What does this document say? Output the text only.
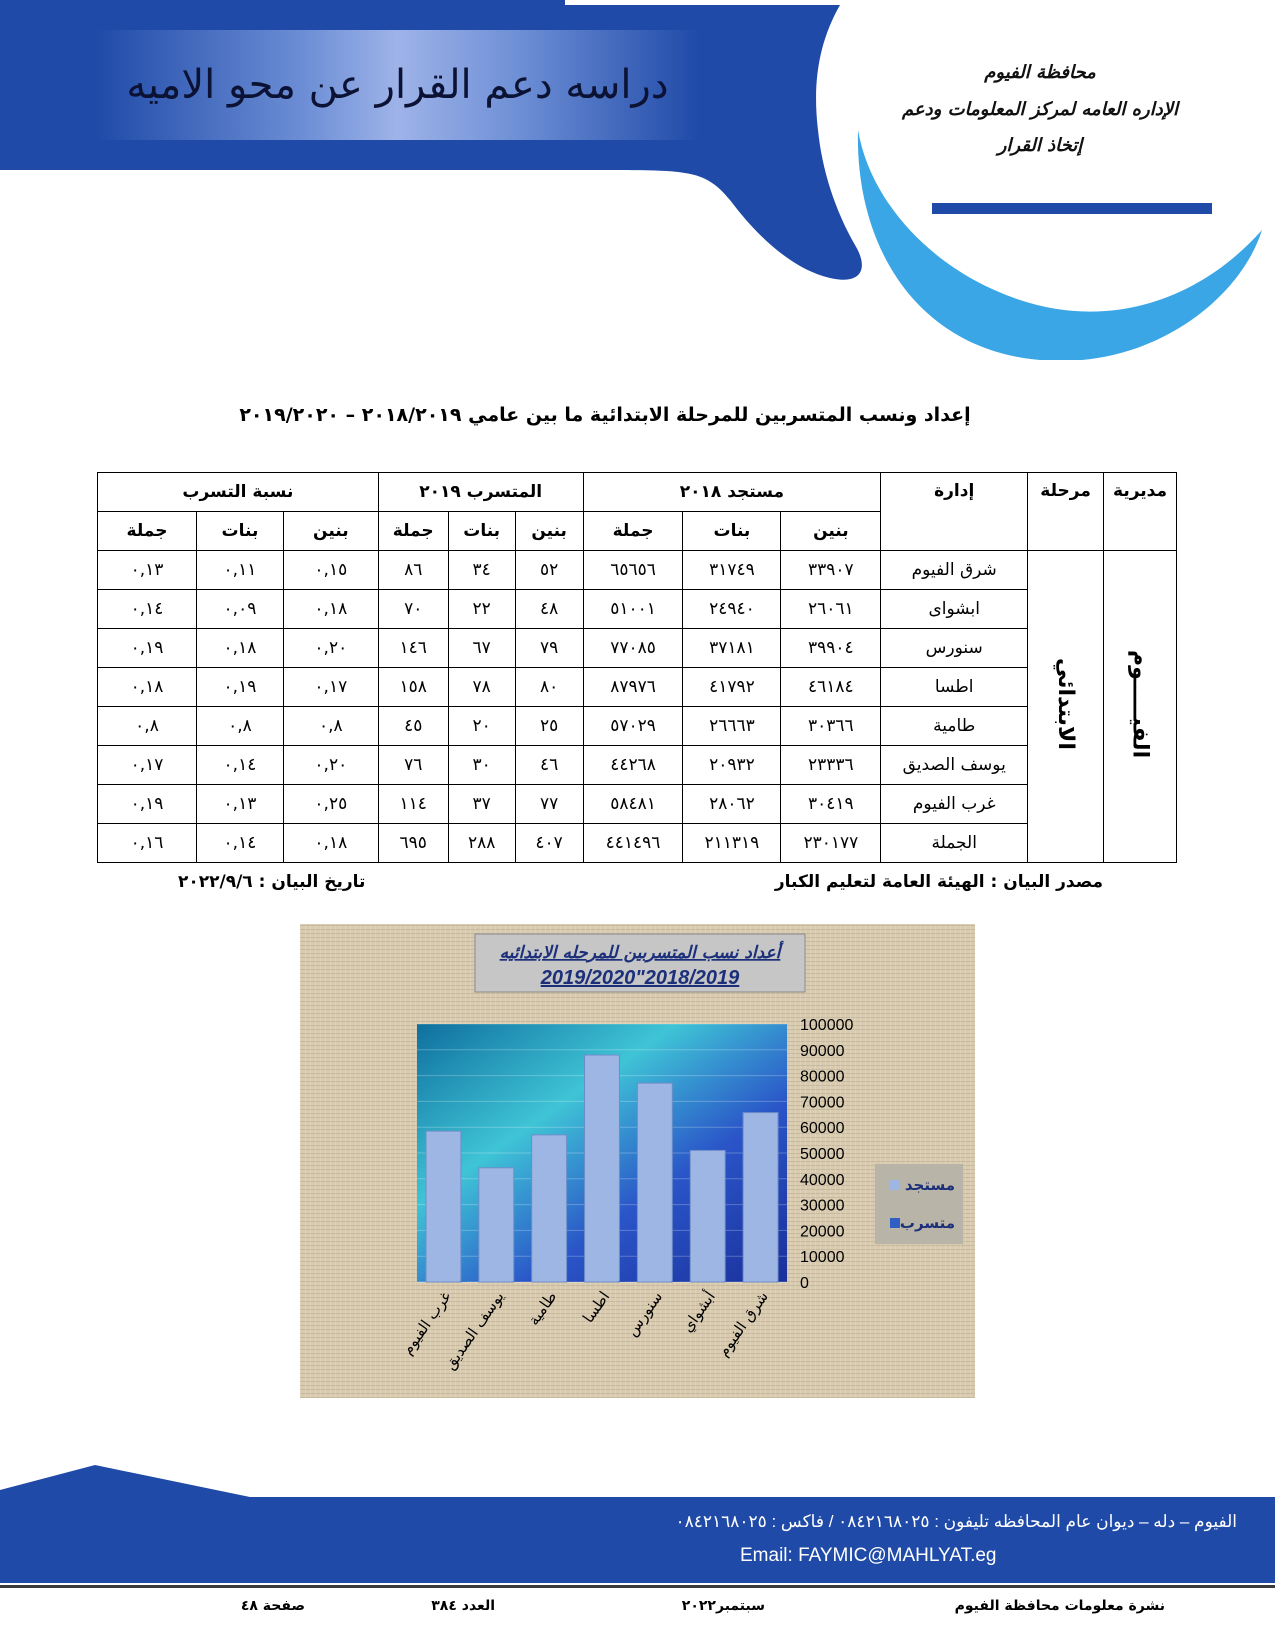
دراسه دعم القرار عن محو الاميه	محافظة الفيوم
الإداره العامه لمركز المعلومات ودعم
إتخاذ القرار
إعداد ونسب المتسربين للمرحلة الابتدائية ما بين عامي ٢٠١٨/٢٠١٩ – ٢٠١٩/٢٠٢٠
مديرية	مرحلة	إدارة	مستجد ٢٠١٨			المتسرب ٢٠١٩			نسبة التسرب		
			بنين	بنات	جملة	بنين	بنات	جملة	بنين	بنات	جملة
الفيـــــوم	الابتدائي	شرق الفيوم	٣٣٩٠٧	٣١٧٤٩	٦٥٦٥٦	٥٢	٣٤	٨٦	٠,١٥	٠,١١	٠,١٣
		ابشواى	٢٦٠٦١	٢٤٩٤٠	٥١٠٠١	٤٨	٢٢	٧٠	٠,١٨	٠,٠٩	٠,١٤
		سنورس	٣٩٩٠٤	٣٧١٨١	٧٧٠٨٥	٧٩	٦٧	١٤٦	٠,٢٠	٠,١٨	٠,١٩
		اطسا	٤٦١٨٤	٤١٧٩٢	٨٧٩٧٦	٨٠	٧٨	١٥٨	٠,١٧	٠,١٩	٠,١٨
		طامية	٣٠٣٦٦	٢٦٦٦٣	٥٧٠٢٩	٢٥	٢٠	٤٥	٠,٨	٠,٨	٠,٨
		يوسف الصديق	٢٣٣٣٦	٢٠٩٣٢	٤٤٢٦٨	٤٦	٣٠	٧٦	٠,٢٠	٠,١٤	٠,١٧
		غرب الفيوم	٣٠٤١٩	٢٨٠٦٢	٥٨٤٨١	٧٧	٣٧	١١٤	٠,٢٥	٠,١٣	٠,١٩
		الجملة	٢٣٠١٧٧	٢١١٣١٩	٤٤١٤٩٦	٤٠٧	٢٨٨	٦٩٥	٠,١٨	٠,١٤	٠,١٦
مصدر البيان : الهيئة العامة لتعليم الكبار
تاريخ البيان : ٢٠٢٢/٩/٦
أعداد نسب المتسربين للمرحله الابتدائيه
2019/2020"2018/2019
100000
90000
80000
70000
60000
50000
40000
30000
20000
10000
0
غرب الفيوم
يوسف الصديق طامية اطسا سنورس أبشواي
شرق الفيوم
مستجد
متسرب
الفيوم – دله – ديوان عام المحافظه تليفون : ٠٨٤٢١٦٨٠٢٥ / فاكس : ٠٨٤٢١٦٨٠٢٥
Email: FAYMIC@MAHLYAT.eg
نشرة معلومات محافظة الفيوم
سبتمبر٢٠٢٢
العدد ٣٨٤
صفحة ٤٨
